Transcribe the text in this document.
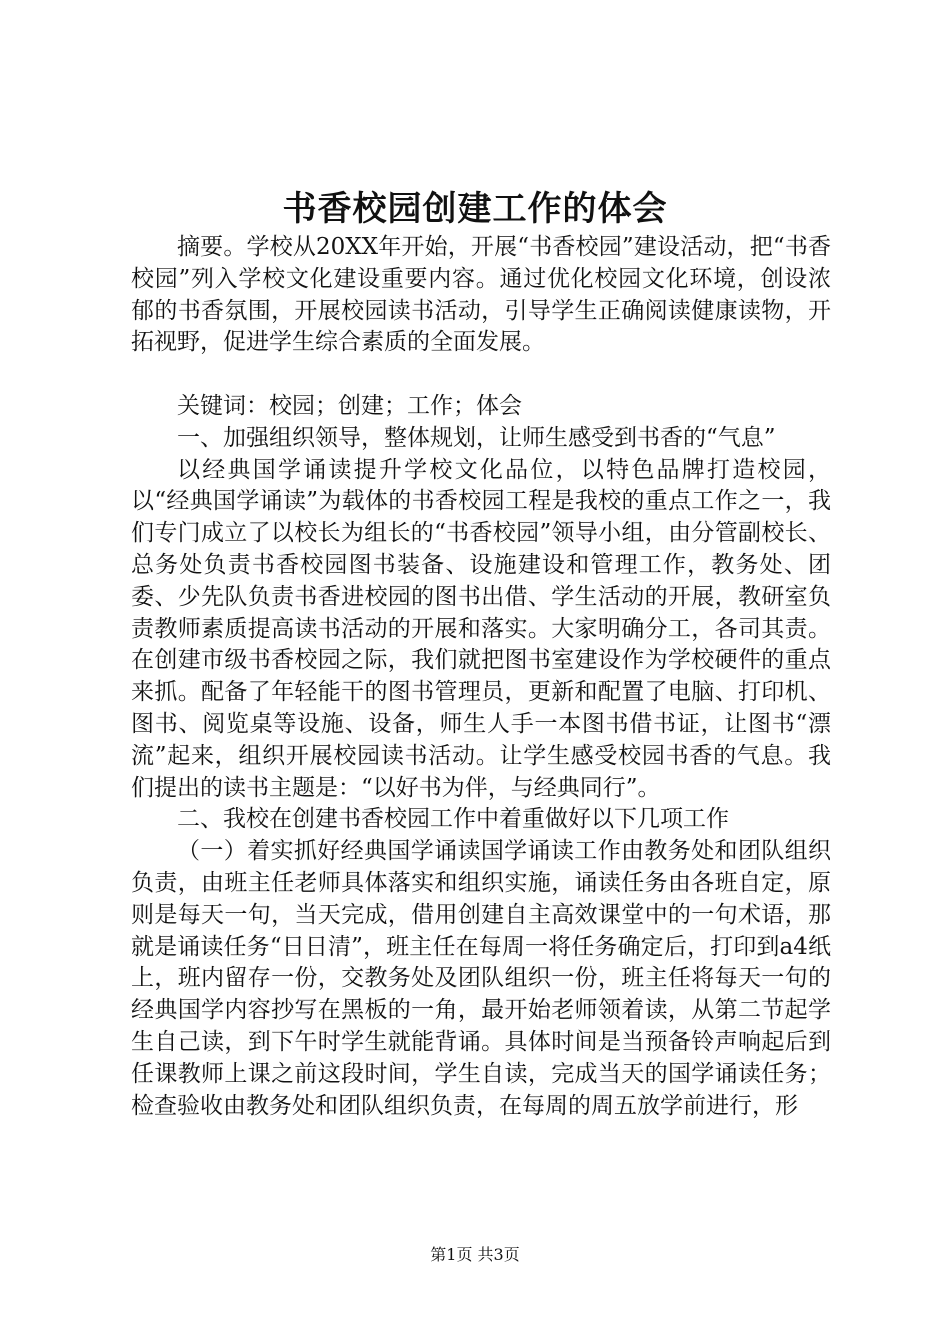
书香校园创建工作的体会

摘要。学校从20XX年开始，开展“书香校园”建设活动，把“书香校园”列入学校文化建设重要内容。通过优化校园文化环境，创设浓郁的书香氛围，开展校园读书活动，引导学生正确阅读健康读物，开拓视野，促进学生综合素质的全面发展。

关键词：校园；创建；工作；体会

一、加强组织领导，整体规划，让师生感受到书香的“气息”

以经典国学诵读提升学校文化品位，以特色品牌打造校园，以“经典国学诵读”为载体的书香校园工程是我校的重点工作之一，我们专门成立了以校长为组长的“书香校园”领导小组，由分管副校长、总务处负责书香校园图书装备、设施建设和管理工作，教务处、团委、少先队负责书香进校园的图书出借、学生活动的开展，教研室负责教师素质提高读书活动的开展和落实。大家明确分工，各司其责。在创建市级书香校园之际，我们就把图书室建设作为学校硬件的重点来抓。配备了年轻能干的图书管理员，更新和配置了电脑、打印机、图书、阅览桌等设施、设备，师生人手一本图书借书证，让图书“漂流”起来，组织开展校园读书活动。让学生感受校园书香的气息。我们提出的读书主题是：“以好书为伴，与经典同行”。

二、我校在创建书香校园工作中着重做好以下几项工作

（一）着实抓好经典国学诵读国学诵读工作由教务处和团队组织负责，由班主任老师具体落实和组织实施，诵读任务由各班自定，原则是每天一句，当天完成，借用创建自主高效课堂中的一句术语，那就是诵读任务“日日清”，班主任在每周一将任务确定后，打印到a4纸上，班内留存一份，交教务处及团队组织一份，班主任将每天一句的经典国学内容抄写在黑板的一角，最开始老师领着读，从第二节起学生自己读，到下午时学生就能背诵。具体时间是当预备铃声响起后到任课教师上课之前这段时间，学生自读，完成当天的国学诵读任务；检查验收由教务处和团队组织负责，在每周的周五放学前进行，形

第1页 共3页
